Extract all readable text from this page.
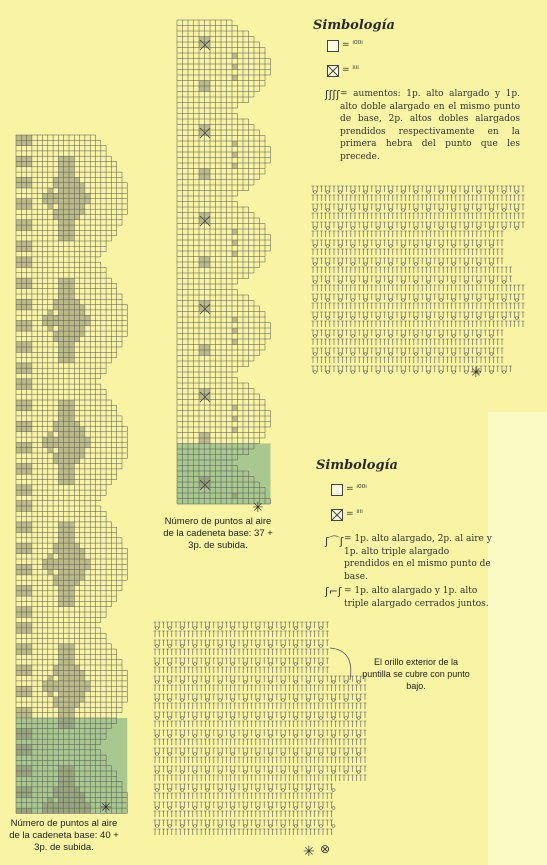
Simbología
= ⁱ⁰⁰ⁱ
= ⁱⁱⁱⁱ
ʃʃʃʃ = aumentos: 1p. alto alargado y 1p. alto doble alargado en el mismo punto de base, 2p. altos dobles alargados prendidos respectivamente en la primera hebra del punto que les precede.
Simbología
= ⁱ⁰⁰ⁱ
= ⁱⁱⁱⁱ
ʃ⌒ʃ = 1p. alto alargado, 2p. al aire y 1p. alto triple alargado prendidos en el mismo punto de base.
ʃ⌐ʃ = 1p. alto alargado y 1p. alto triple alargado cerrados juntos.
Número de puntos al aire de la cadeneta base: 37 + 3p. de subida.
Número de puntos al aire de la cadeneta base: 40 + 3p. de subida.
El orillo exterior de la puntilla se cubre con punto bajo.
✳
✳
✳
✳
⊗
